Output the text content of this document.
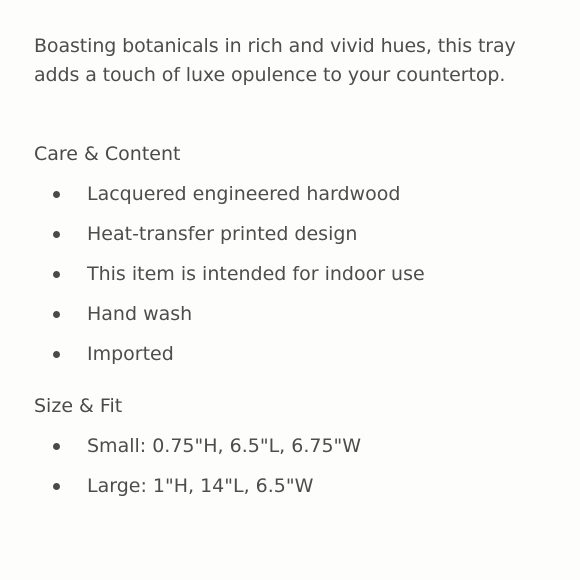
Boasting botanicals in rich and vivid hues, this tray adds a touch of luxe opulence to your countertop.

Care & Content
Lacquered engineered hardwood
Heat-transfer printed design
This item is intended for indoor use
Hand wash
Imported
Size & Fit
Small: 0.75"H, 6.5"L, 6.75"W
Large: 1"H, 14"L, 6.5"W
